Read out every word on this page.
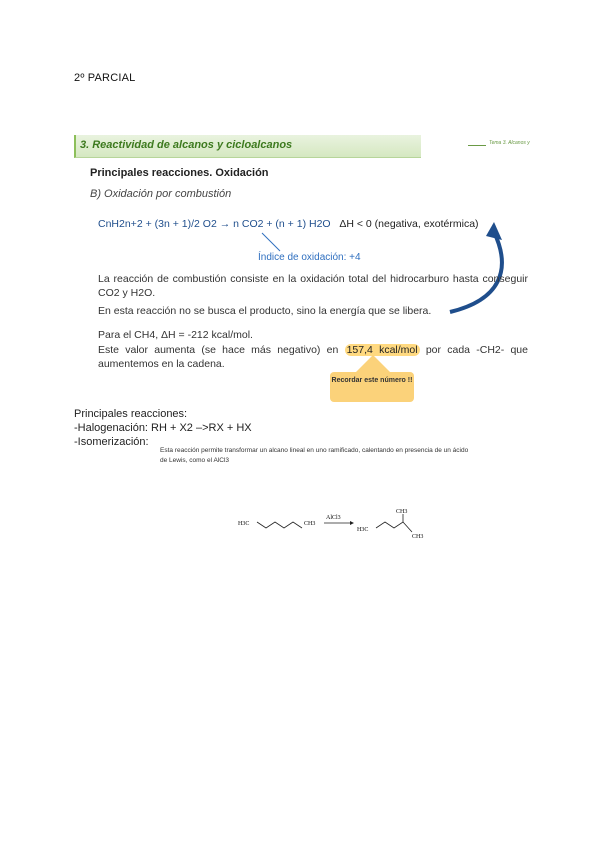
2º PARCIAL
3. Reactividad de alcanos y cicloalcanos	Tema 3. Alcanos y
Principales reacciones. Oxidación
B) Oxidación por combustión
CnH2n+2 + (3n + 1)/2 O2 → n CO2 + (n + 1) H2O ΔH < 0 (negativa, exotérmica)
Índice de oxidación: +4
La reacción de combustión consiste en la oxidación total del hidrocarburo hasta conseguir CO2 y H2O.
En esta reacción no se busca el producto, sino la energía que se libera.
Para el CH4, ΔH = -212 kcal/mol.
Este valor aumenta (se hace más negativo) en 157,4 kcal/mol por cada -CH2- que aumentemos en la cadena.
Recordar este número !!
Principales reacciones:
-Halogenación: RH + X2 –>RX + HX
-Isomerización:
Esta reacción permite transformar un alcano lineal en uno ramificado, calentando en presencia de un ácido de Lewis, como el AlCl3
H3C	CH3
AlCl3
H3C
CH3
CH3
